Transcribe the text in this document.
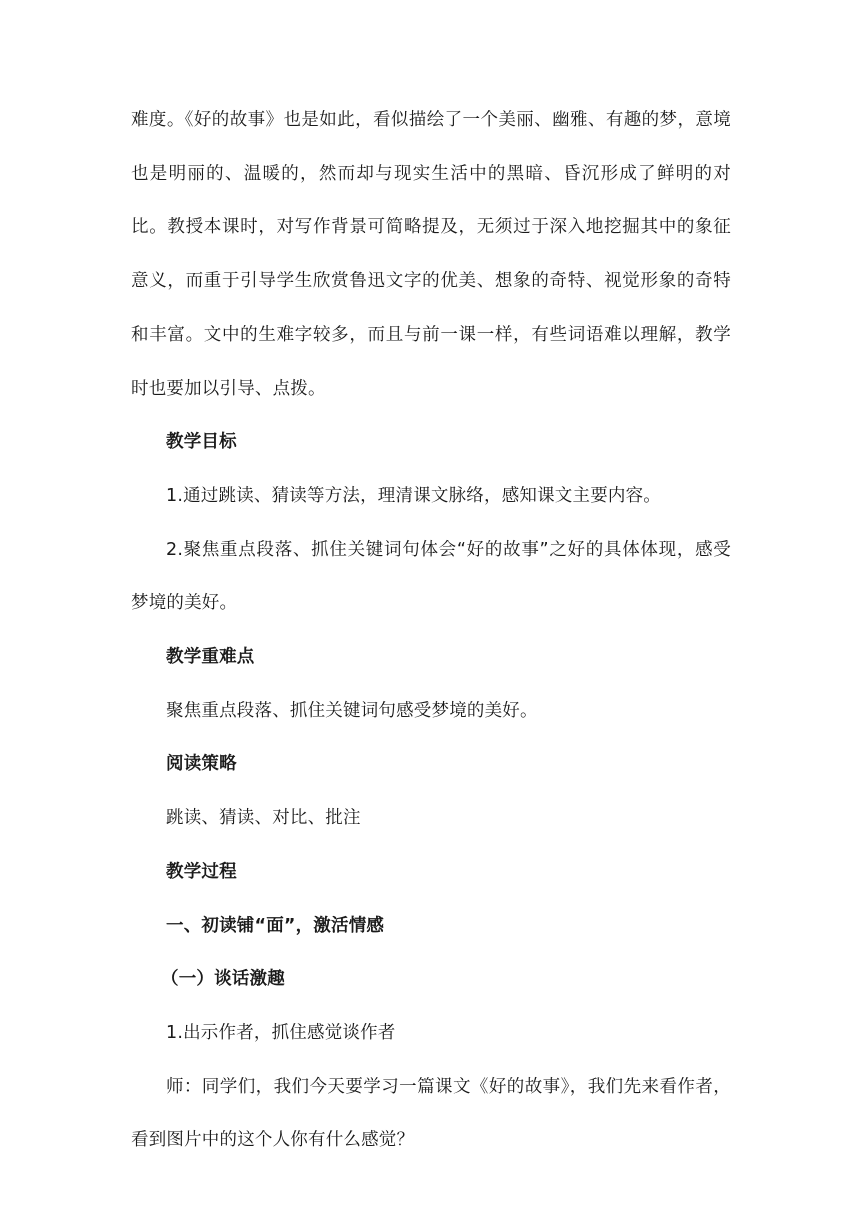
难度。《好的故事》也是如此，看似描绘了一个美丽、幽雅、有趣的梦，意境也是明丽的、温暖的，然而却与现实生活中的黑暗、昏沉形成了鲜明的对比。教授本课时，对写作背景可简略提及，无须过于深入地挖掘其中的象征意义，而重于引导学生欣赏鲁迅文字的优美、想象的奇特、视觉形象的奇特和丰富。文中的生难字较多，而且与前一课一样，有些词语难以理解，教学时也要加以引导、点拨。

教学目标

1.通过跳读、猜读等方法，理清课文脉络，感知课文主要内容。

2.聚焦重点段落、抓住关键词句体会“好的故事”之好的具体体现，感受梦境的美好。

教学重难点

聚焦重点段落、抓住关键词句感受梦境的美好。

阅读策略

跳读、猜读、对比、批注

教学过程

一、初读铺“面”，激活情感

（一）谈话激趣

1.出示作者，抓住感觉谈作者

师：同学们，我们今天要学习一篇课文《好的故事》，我们先来看作者，看到图片中的这个人你有什么感觉？
